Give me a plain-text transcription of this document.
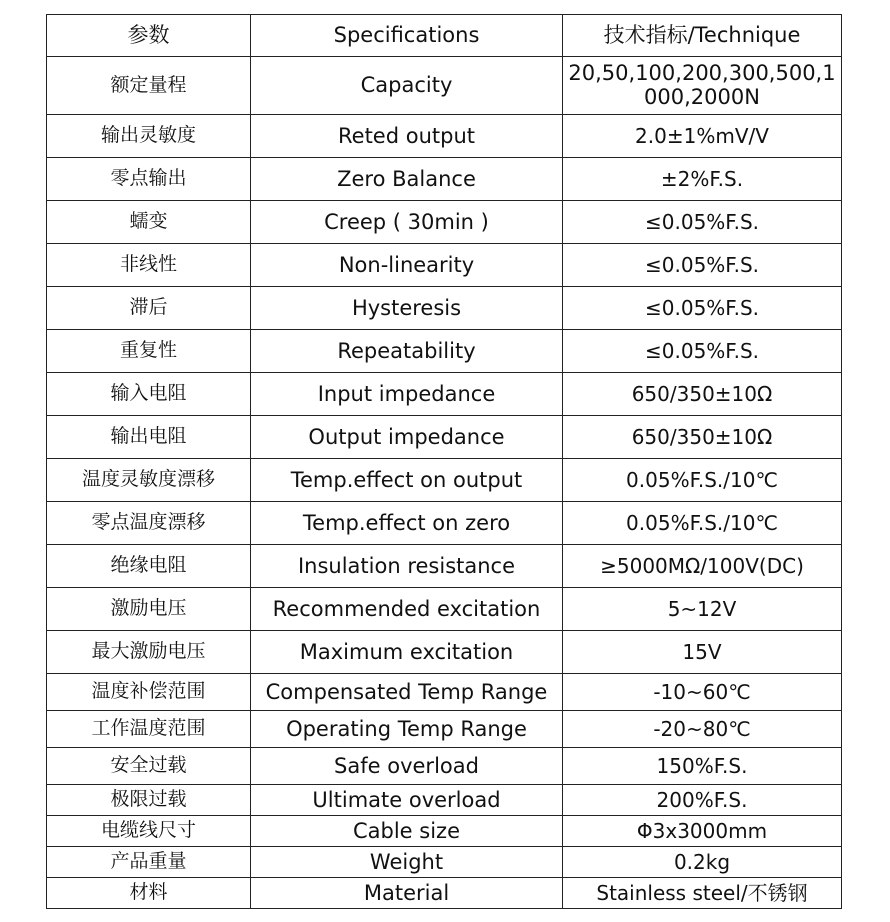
参数	Specifications	技术指标/Technique
额定量程	Capacity	20,50,100,200,300,500,1000,2000N
输出灵敏度	Reted output	2.0±1%mV/V
零点输出	Zero Balance	±2%F.S.
蠕变	Creep ( 30min )	≤0.05%F.S.
非线性	Non-linearity	≤0.05%F.S.
滞后	Hysteresis	≤0.05%F.S.
重复性	Repeatability	≤0.05%F.S.
输入电阻	Input impedance	650/350±10Ω
输出电阻	Output impedance	650/350±10Ω
温度灵敏度漂移	Temp.effect on output	0.05%F.S./10℃
零点温度漂移	Temp.effect on zero	0.05%F.S./10℃
绝缘电阻	Insulation resistance	≥5000MΩ/100V(DC)
激励电压	Recommended excitation	5~12V
最大激励电压	Maximum excitation	15V
温度补偿范围	Compensated Temp Range	-10~60℃
工作温度范围	Operating Temp Range	-20~80℃
安全过载	Safe overload	150%F.S.
极限过载	Ultimate overload	200%F.S.
电缆线尺寸	Cable size	Φ3x3000mm
产品重量	Weight	0.2kg
材料	Material	Stainless steel/不锈钢
